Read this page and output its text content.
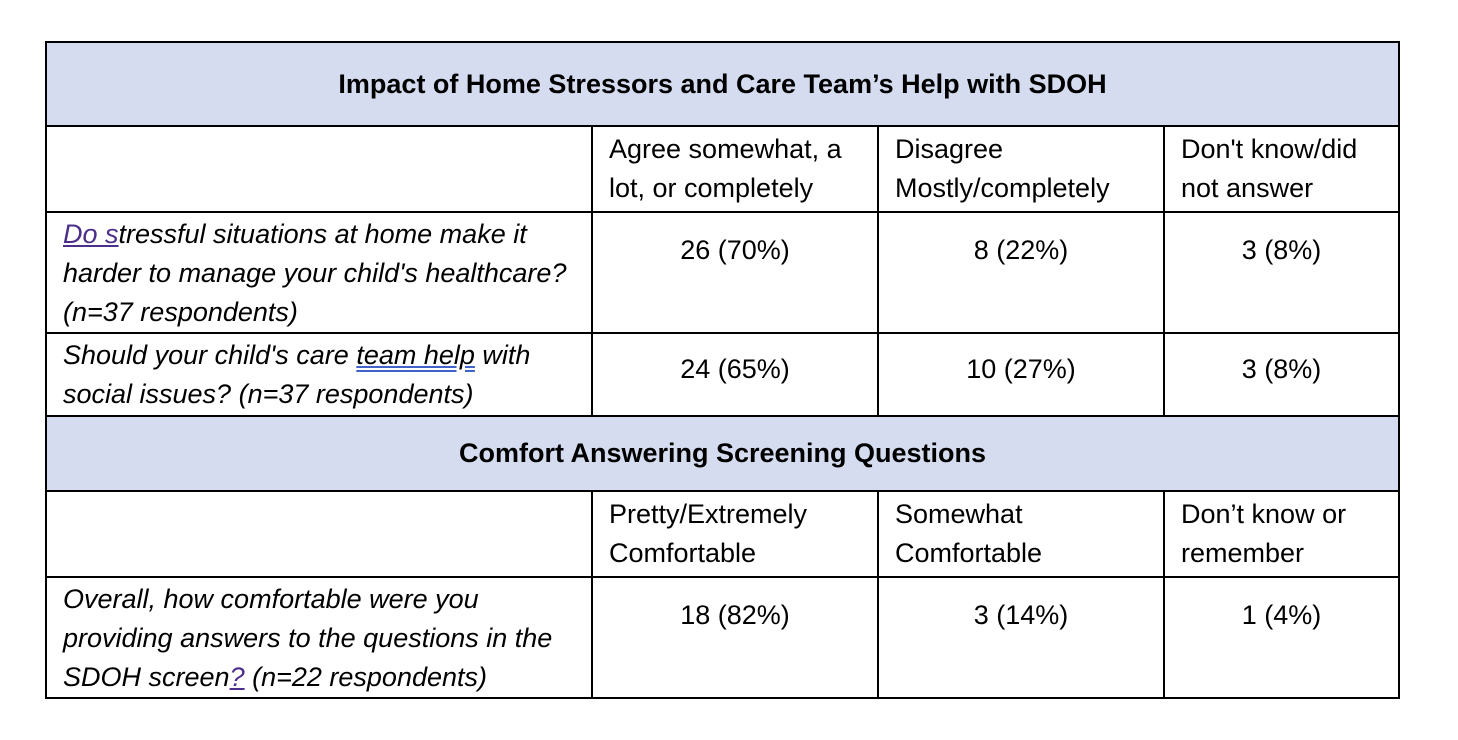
Impact of Home Stressors and Care Team’s Help with SDOH			
	Agree somewhat, a lot, or completely	Disagree Mostly/completely	Don't know/did not answer
Do stressful situations at home make it harder to manage your child's healthcare? (n=37 respondents)	26 (70%)	8 (22%)	3 (8%)
Should your child's care team help with social issues? (n=37 respondents)	24 (65%)	10 (27%)	3 (8%)
Comfort Answering Screening Questions			
	Pretty/Extremely Comfortable	Somewhat Comfortable	Don’t know or remember
Overall, how comfortable were you providing answers to the questions in the SDOH screen? (n=22 respondents)	18 (82%)	3 (14%)	1 (4%)
